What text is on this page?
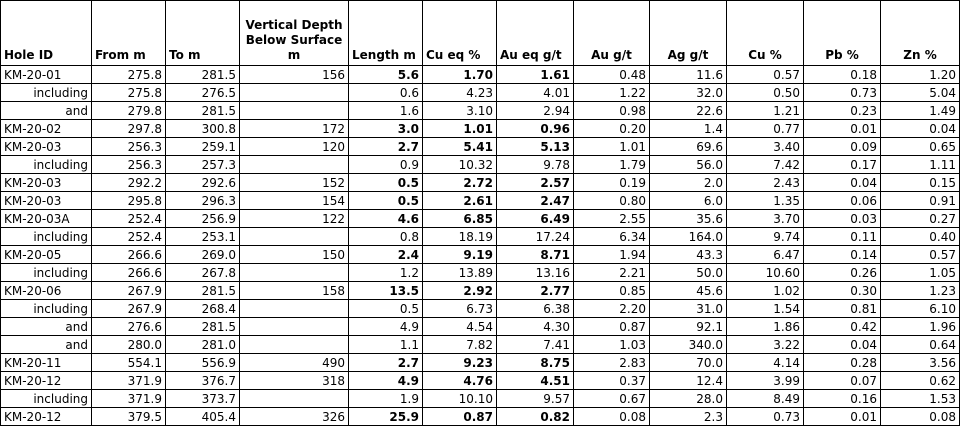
Hole ID	From m	To m	Vertical Depth Below Surface m	Length m	Cu eq %	Au eq g/t	Au g/t	Ag g/t	Cu %	Pb %	Zn %
KM-20-01	275.8	281.5	156	5.6	1.70	1.61	0.48	11.6	0.57	0.18	1.20
including	275.8	276.5		0.6	4.23	4.01	1.22	32.0	0.50	0.73	5.04
and	279.8	281.5		1.6	3.10	2.94	0.98	22.6	1.21	0.23	1.49
KM-20-02	297.8	300.8	172	3.0	1.01	0.96	0.20	1.4	0.77	0.01	0.04
KM-20-03	256.3	259.1	120	2.7	5.41	5.13	1.01	69.6	3.40	0.09	0.65
including	256.3	257.3		0.9	10.32	9.78	1.79	56.0	7.42	0.17	1.11
KM-20-03	292.2	292.6	152	0.5	2.72	2.57	0.19	2.0	2.43	0.04	0.15
KM-20-03	295.8	296.3	154	0.5	2.61	2.47	0.80	6.0	1.35	0.06	0.91
KM-20-03A	252.4	256.9	122	4.6	6.85	6.49	2.55	35.6	3.70	0.03	0.27
including	252.4	253.1		0.8	18.19	17.24	6.34	164.0	9.74	0.11	0.40
KM-20-05	266.6	269.0	150	2.4	9.19	8.71	1.94	43.3	6.47	0.14	0.57
including	266.6	267.8		1.2	13.89	13.16	2.21	50.0	10.60	0.26	1.05
KM-20-06	267.9	281.5	158	13.5	2.92	2.77	0.85	45.6	1.02	0.30	1.23
including	267.9	268.4		0.5	6.73	6.38	2.20	31.0	1.54	0.81	6.10
and	276.6	281.5		4.9	4.54	4.30	0.87	92.1	1.86	0.42	1.96
and	280.0	281.0		1.1	7.82	7.41	1.03	340.0	3.22	0.04	0.64
KM-20-11	554.1	556.9	490	2.7	9.23	8.75	2.83	70.0	4.14	0.28	3.56
KM-20-12	371.9	376.7	318	4.9	4.76	4.51	0.37	12.4	3.99	0.07	0.62
including	371.9	373.7		1.9	10.10	9.57	0.67	28.0	8.49	0.16	1.53
KM-20-12	379.5	405.4	326	25.9	0.87	0.82	0.08	2.3	0.73	0.01	0.08
